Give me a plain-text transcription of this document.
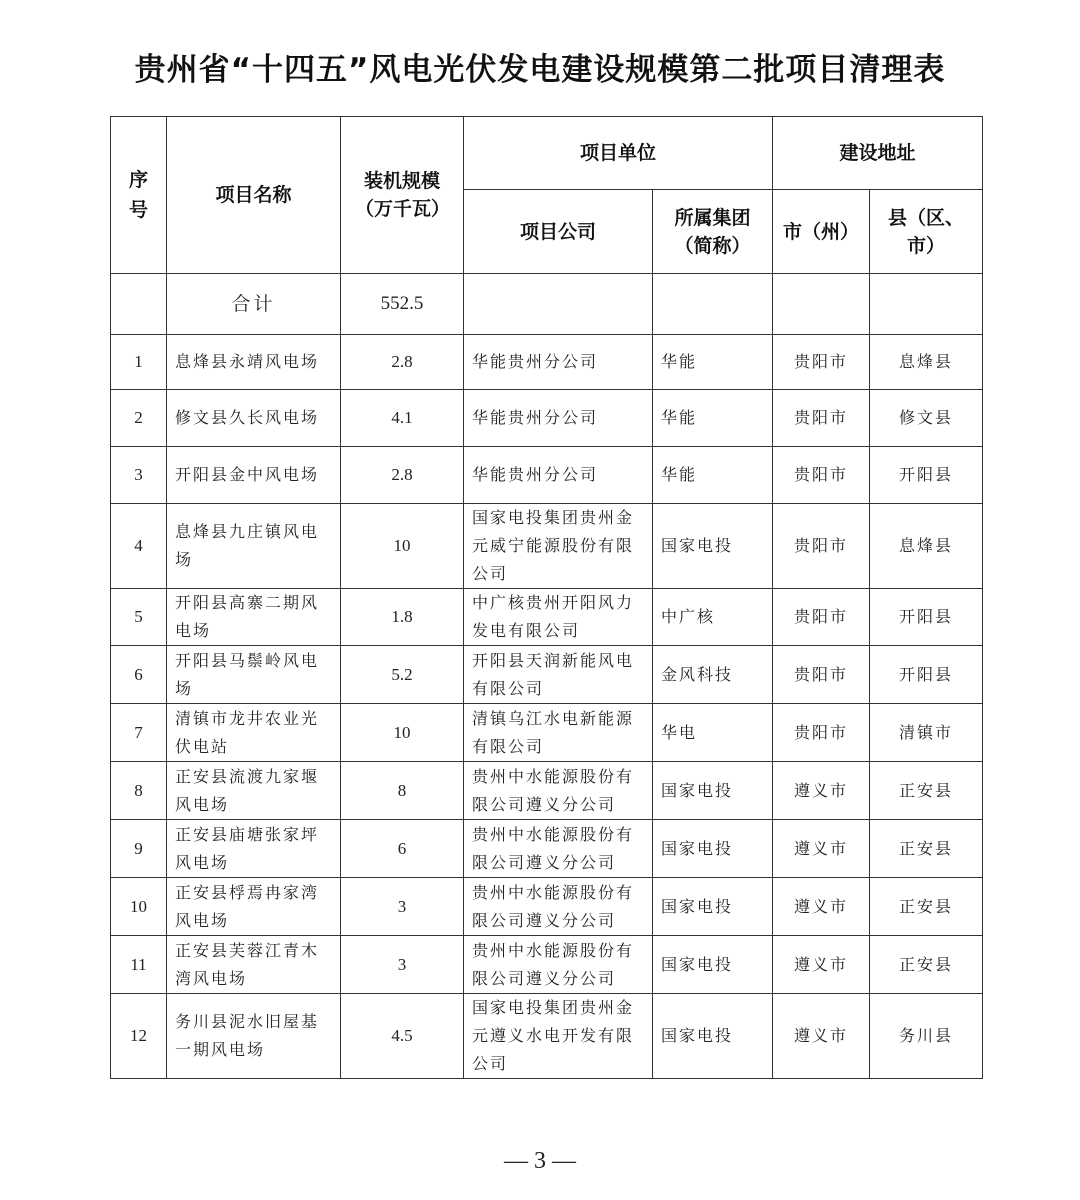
贵州省“十四五”风电光伏发电建设规模第二批项目清理表
序号	项目名称	装机规模（万千瓦）	项目单位		建设地址	
			项目公司	所属集团（简称）	市（州）	县（区、市）
	合计	552.5				
1	息烽县永靖风电场	2.8	华能贵州分公司	华能	贵阳市	息烽县
2	修文县久长风电场	4.1	华能贵州分公司	华能	贵阳市	修文县
3	开阳县金中风电场	2.8	华能贵州分公司	华能	贵阳市	开阳县
4	息烽县九庄镇风电场	10	国家电投集团贵州金元威宁能源股份有限公司	国家电投	贵阳市	息烽县
5	开阳县高寨二期风电场	1.8	中广核贵州开阳风力发电有限公司	中广核	贵阳市	开阳县
6	开阳县马鬃岭风电场	5.2	开阳县天润新能风电有限公司	金风科技	贵阳市	开阳县
7	清镇市龙井农业光伏电站	10	清镇乌江水电新能源有限公司	华电	贵阳市	清镇市
8	正安县流渡九家堰风电场	8	贵州中水能源股份有限公司遵义分公司	国家电投	遵义市	正安县
9	正安县庙塘张家坪风电场	6	贵州中水能源股份有限公司遵义分公司	国家电投	遵义市	正安县
10	正安县桴焉冉家湾风电场	3	贵州中水能源股份有限公司遵义分公司	国家电投	遵义市	正安县
11	正安县芙蓉江青木湾风电场	3	贵州中水能源股份有限公司遵义分公司	国家电投	遵义市	正安县
12	务川县泥水旧屋基一期风电场	4.5	国家电投集团贵州金元遵义水电开发有限公司	国家电投	遵义市	务川县
— 3 —
